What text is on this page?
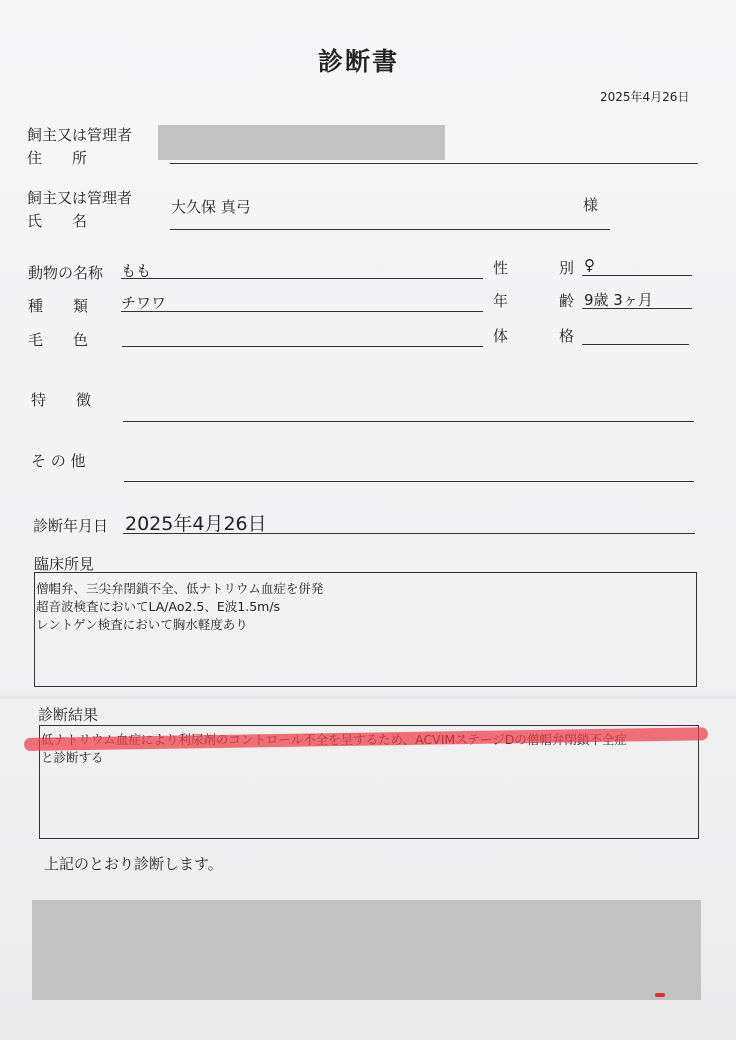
診断書
2025年4月26日
飼主又は管理者
住　　所
飼主又は管理者
氏　　名
大久保 真弓	様
動物の名称 もも	性	別 ♀
種　　類 チワワ	年	齢 9歳 3ヶ月
毛　　色	体	格
特　　徴
そ の 他
診断年月日 2025年4月26日
臨床所見
僧帽弁、三尖弁閉鎖不全、低ナトリウム血症を併発
超音波検査においてLA/Ao2.5、E波1.5m/s
レントゲン検査において胸水軽度あり
診断結果
と診断する
上記のとおり診断します。
